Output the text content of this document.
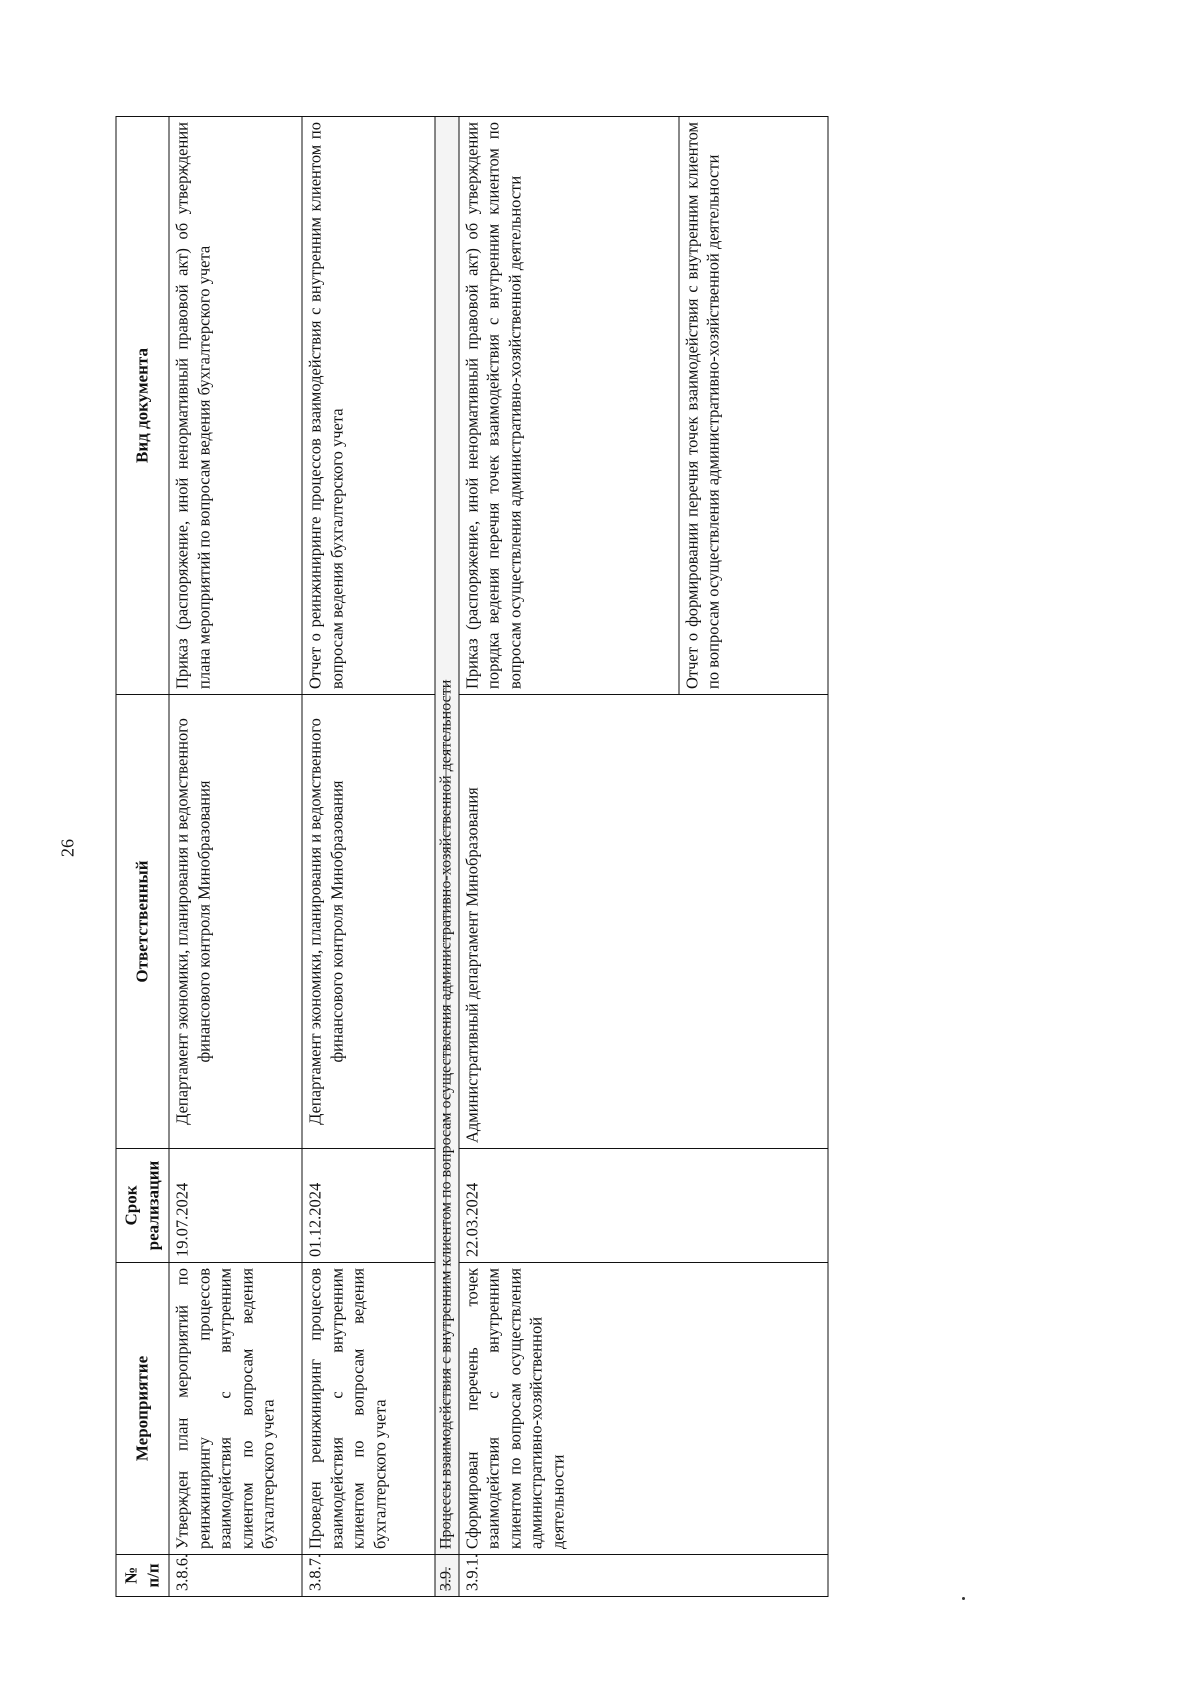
26
№ п/п	Мероприятие	Срок реализации	Ответственный	Вид документа
3.8.6.	Утвержден план мероприятий по реинжинирингу процессов взаимодействия с внутренним клиентом по вопросам ведения бухгалтерского учета	19.07.2024	Департамент экономики, планирования и ведомственного финансового контроля Минобразования	Приказ (распоряжение, иной ненормативный правовой акт) об утверждении плана мероприятий по вопросам ведения бухгалтерского учета
3.8.7.	Проведен реинжиниринг процессов взаимодействия с внутренним клиентом по вопросам ведения бухгалтерского учета	01.12.2024	Департамент экономики, планирования и ведомственного финансового контроля Минобразования	Отчет о реинжиниринге процессов взаимодействия с внутренним клиентом по вопросам ведения бухгалтерского учета
3.9.	Процессы взаимодействия с внутренним клиентом по вопросам осуществления административно-хозяйственной деятельности			
3.9.1.	Сформирован перечень точек взаимодействия с внутренним клиентом по вопросам осуществления административно-хозяйственной деятельности	22.03.2024	Административный департамент Минобразования	Приказ (распоряжение, иной ненормативный правовой акт) об утверждении порядка ведения перечня точек взаимодействия с внутренним клиентом по вопросам осуществления административно-хозяйственной деятельности
				Отчет о формировании перечня точек взаимодействия с внутренним клиентом по вопросам осуществления административно-хозяйственной деятельности
